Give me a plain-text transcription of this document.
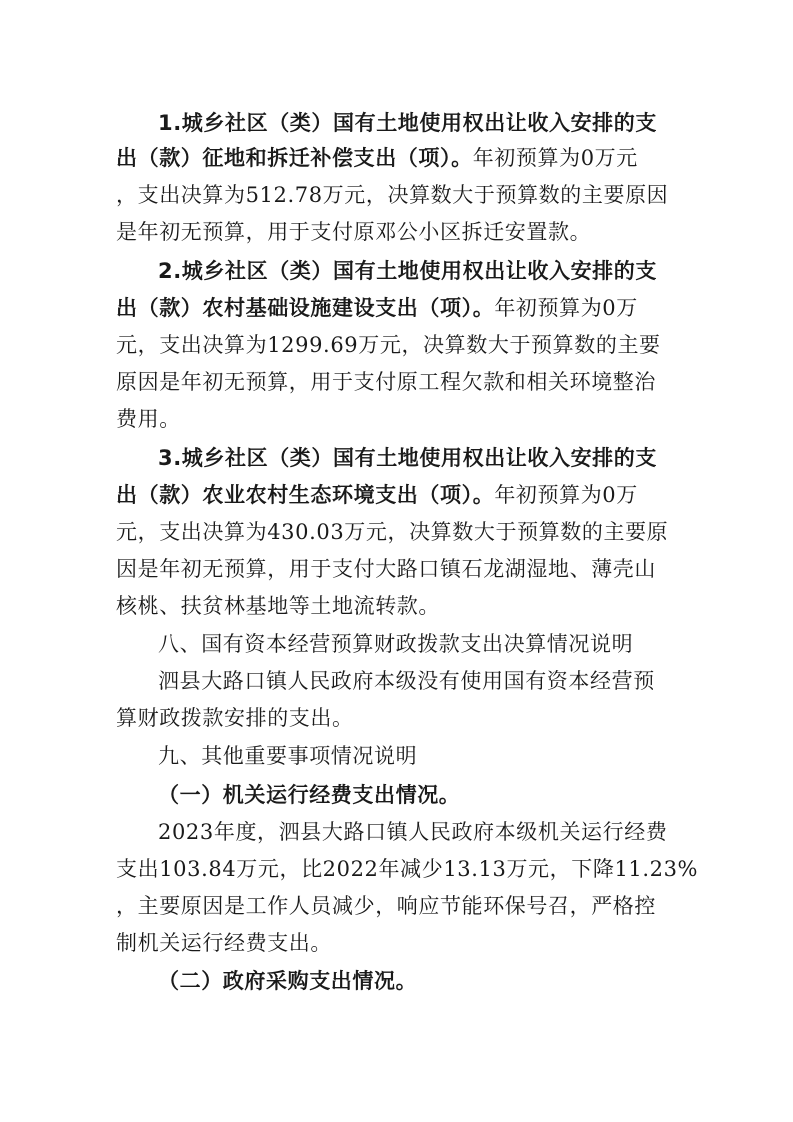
1.城乡社区（类）国有土地使用权出让收入安排的支
出（款）征地和拆迁补偿支出（项）。年初预算为0万元
，支出决算为512.78万元，决算数大于预算数的主要原因
是年初无预算，用于支付原邓公小区拆迁安置款。
2.城乡社区（类）国有土地使用权出让收入安排的支
出（款）农村基础设施建设支出（项）。年初预算为0万
元，支出决算为1299.69万元，决算数大于预算数的主要
原因是年初无预算，用于支付原工程欠款和相关环境整治
费用。
3.城乡社区（类）国有土地使用权出让收入安排的支
出（款）农业农村生态环境支出（项）。年初预算为0万
元，支出决算为430.03万元，决算数大于预算数的主要原
因是年初无预算，用于支付大路口镇石龙湖湿地、薄壳山
核桃、扶贫林基地等土地流转款。
八、国有资本经营预算财政拨款支出决算情况说明
泗县大路口镇人民政府本级没有使用国有资本经营预
算财政拨款安排的支出。
九、其他重要事项情况说明
（一）机关运行经费支出情况。
2023年度，泗县大路口镇人民政府本级机关运行经费
支出103.84万元，比2022年减少13.13万元，下降11.23%
，主要原因是工作人员减少，响应节能环保号召，严格控
制机关运行经费支出。
（二）政府采购支出情况。
